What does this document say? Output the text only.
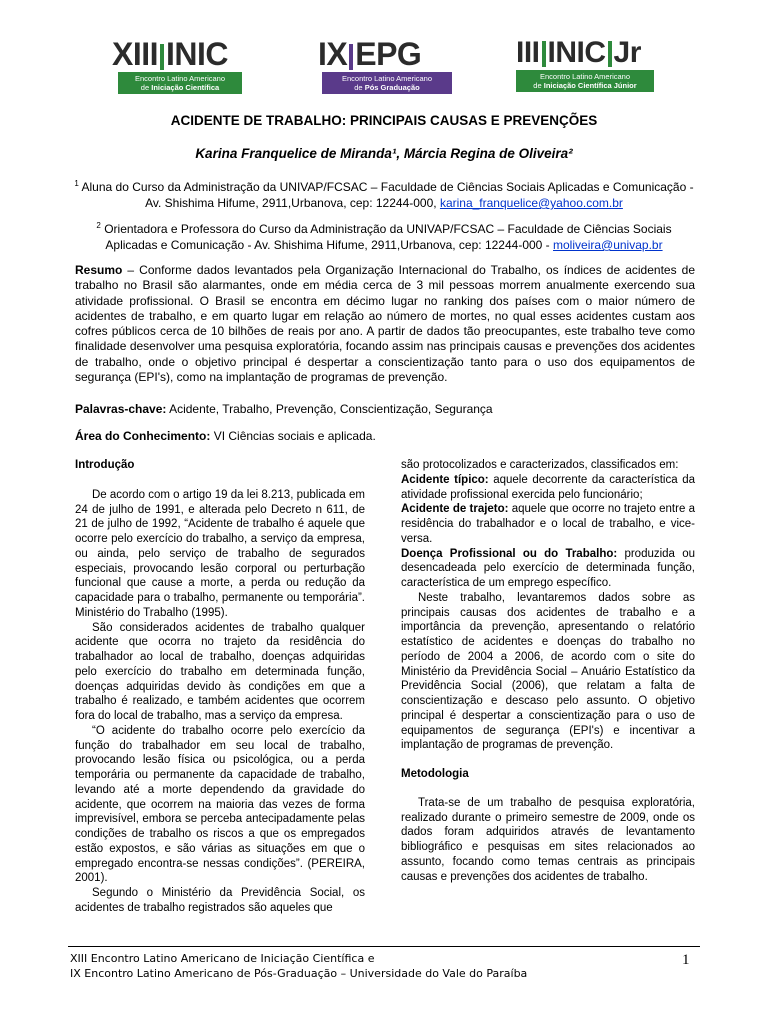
XIII INIC
Encontro Latino Americano
de Iniciação Científica
IX EPG
Encontro Latino Americano
de Pós Graduação
III INIC Jr
Encontro Latino Americano
de Iniciação Científica Júnior
ACIDENTE DE TRABALHO: PRINCIPAIS CAUSAS E PREVENÇÕES
Karina Franquelice de Miranda¹, Márcia Regina de Oliveira²
$^1$ Aluna do Curso da Administração da UNIVAP/FCSAC – Faculdade de Ciências Sociais Aplicadas e Comunicação - Av. Shishima Hifume, 2911,Urbanova, cep: 12244-000, karina_franquelice@yahoo.com.br
$^2$ Orientadora e Professora do Curso da Administração da UNIVAP/FCSAC – Faculdade de Ciências Sociais Aplicadas e Comunicação - Av. Shishima Hifume, 2911,Urbanova, cep: 12244-000 - moliveira@univap.br
Resumo – Conforme dados levantados pela Organização Internacional do Trabalho, os índices de acidentes de trabalho no Brasil são alarmantes, onde em média cerca de 3 mil pessoas morrem anualmente exercendo sua atividade profissional. O Brasil se encontra em décimo lugar no ranking dos países com o maior número de acidentes de trabalho, e em quarto lugar em relação ao número de mortes, no qual esses acidentes custam aos cofres públicos cerca de 10 bilhões de reais por ano. A partir de dados tão preocupantes, este trabalho teve como finalidade desenvolver uma pesquisa exploratória, focando assim nas principais causas e prevenções dos acidentes de trabalho, onde o objetivo principal é despertar a conscientização tanto para o uso dos equipamentos de segurança (EPI's), como na implantação de programas de prevenção.
Palavras-chave: Acidente, Trabalho, Prevenção, Conscientização, Segurança
Área do Conhecimento: VI Ciências sociais e aplicada.

Introdução

De acordo com o artigo 19 da lei 8.213, publicada em 24 de julho de 1991, e alterada pelo Decreto n 611, de 21 de julho de 1992, “Acidente de trabalho é aquele que ocorre pelo exercício do trabalho, a serviço da empresa, ou ainda, pelo serviço de trabalho de segurados especiais, provocando lesão corporal ou perturbação funcional que cause a morte, a perda ou redução da capacidade para o trabalho, permanente ou temporária”. Ministério do Trabalho (1995).

São considerados acidentes de trabalho qualquer acidente que ocorra no trajeto da residência do trabalhador ao local de trabalho, doenças adquiridas pelo exercício do trabalho em determinada função, doenças adquiridas devido às condições em que a trabalho é realizado, e também acidentes que ocorrem fora do local de trabalho, mas a serviço da empresa.

“O acidente do trabalho ocorre pelo exercício da função do trabalhador em seu local de trabalho, provocando lesão física ou psicológica, ou a perda temporária ou permanente da capacidade de trabalho, levando até a morte dependendo da gravidade do acidente, que ocorrem na maioria das vezes de forma imprevisível, embora se perceba antecipadamente pelas condições de trabalho os riscos a que os empregados estão expostos, e são várias as situações em que o empregado encontra-se nessas condições”. (PEREIRA, 2001).

Segundo o Ministério da Previdência Social, os acidentes de trabalho registrados são aqueles que

são protocolizados e caracterizados, classificados em:

Acidente típico: aquele decorrente da característica da atividade profissional exercida pelo funcionário;

Acidente de trajeto: aquele que ocorre no trajeto entre a residência do trabalhador e o local de trabalho, e vice-versa.

Doença Profissional ou do Trabalho: produzida ou desencadeada pelo exercício de determinada função, característica de um emprego específico.

Neste trabalho, levantaremos dados sobre as principais causas dos acidentes de trabalho e a importância da prevenção, apresentando o relatório estatístico de acidentes e doenças do trabalho no período de 2004 a 2006, de acordo com o site do Ministério da Previdência Social – Anuário Estatístico da Previdência Social (2006), que relatam a falta de conscientização e descaso pelo assunto. O objetivo principal é despertar a conscientização para o uso de equipamentos de segurança (EPI's) e incentivar a implantação de programas de prevenção.

Metodologia

Trata-se de um trabalho de pesquisa exploratória, realizado durante o primeiro semestre de 2009, onde os dados foram adquiridos através de levantamento bibliográfico e pesquisas em sites relacionados ao assunto, focando como temas centrais as principais causas e prevenções dos acidentes de trabalho.

XIII Encontro Latino Americano de Iniciação Científica e
IX Encontro Latino Americano de Pós-Graduação – Universidade do Vale do Paraíba
1
